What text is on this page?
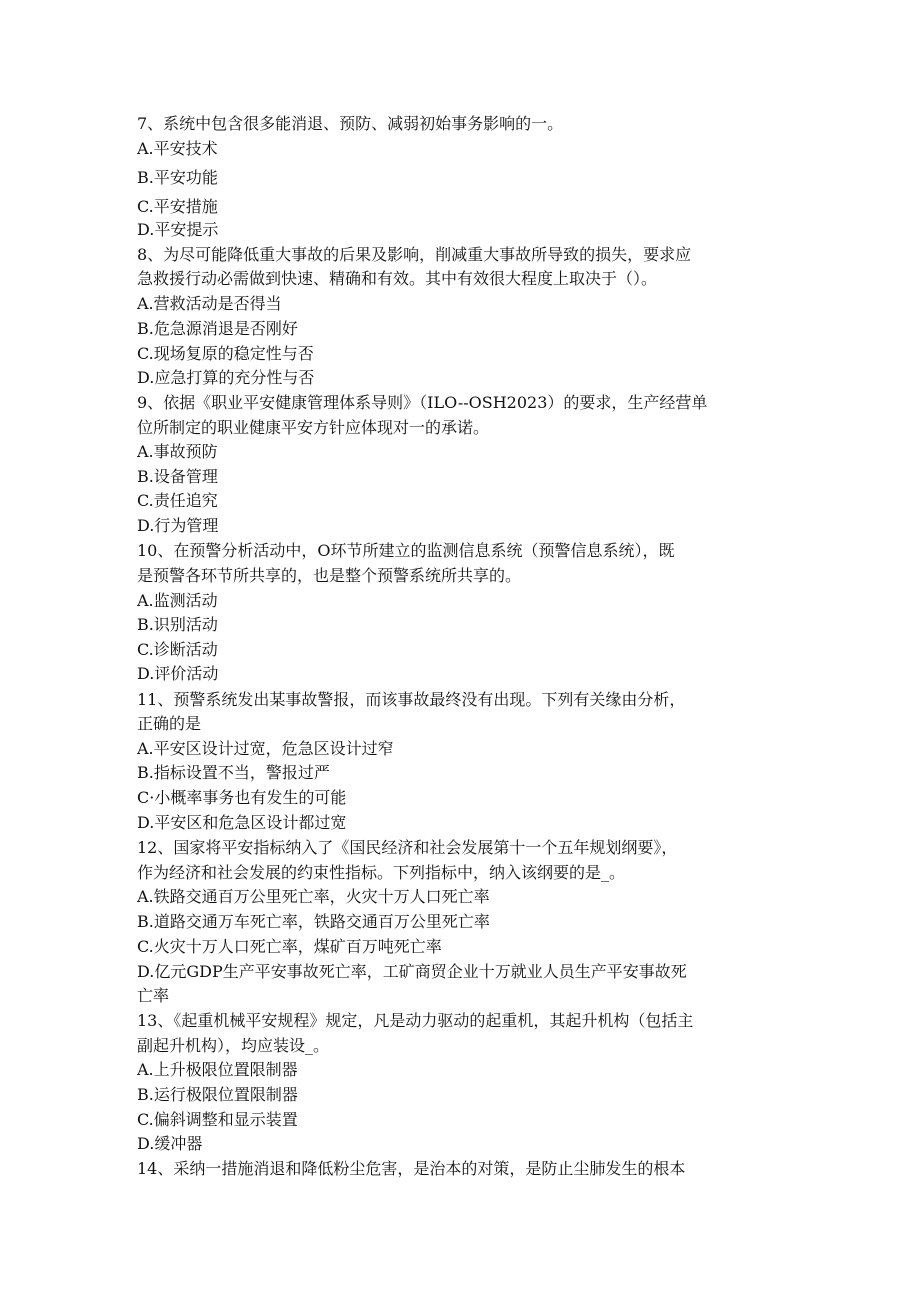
7、系统中包含很多能消退、预防、减弱初始事务影响的一。
A.平安技术
B.平安功能
C.平安措施
D.平安提示
8、为尽可能降低重大事故的后果及影响，削减重大事故所导致的损失，要求应
急救援行动必需做到快速、精确和有效。其中有效很大程度上取决于（）。
A.营救活动是否得当
B.危急源消退是否刚好
C.现场复原的稳定性与否
D.应急打算的充分性与否
9、依据《职业平安健康管理体系导则》（ILO--OSH2023）的要求，生产经营单
位所制定的职业健康平安方针应体现对一的承诺。
A.事故预防
B.设备管理
C.责任追究
D.行为管理
10、在预警分析活动中，O环节所建立的监测信息系统（预警信息系统），既
是预警各环节所共享的，也是整个预警系统所共享的。
A.监测活动
B.识别活动
C.诊断活动
D.评价活动
11、预警系统发出某事故警报，而该事故最终没有出现。下列有关缘由分析，
正确的是
A.平安区设计过宽，危急区设计过窄
B.指标设置不当，警报过严
C·小概率事务也有发生的可能
D.平安区和危急区设计都过宽
12、国家将平安指标纳入了《国民经济和社会发展第十一个五年规划纲要》，
作为经济和社会发展的约束性指标。下列指标中，纳入该纲要的是_。
A.铁路交通百万公里死亡率，火灾十万人口死亡率
B.道路交通万车死亡率，铁路交通百万公里死亡率
C.火灾十万人口死亡率，煤矿百万吨死亡率
D.亿元GDP生产平安事故死亡率，工矿商贸企业十万就业人员生产平安事故死
亡率
13、《起重机械平安规程》规定，凡是动力驱动的起重机，其起升机构（包括主
副起升机构），均应装设_。
A.上升极限位置限制器
B.运行极限位置限制器
C.偏斜调整和显示装置
D.缓冲器
14、采纳一措施消退和降低粉尘危害，是治本的对策，是防止尘肺发生的根本
